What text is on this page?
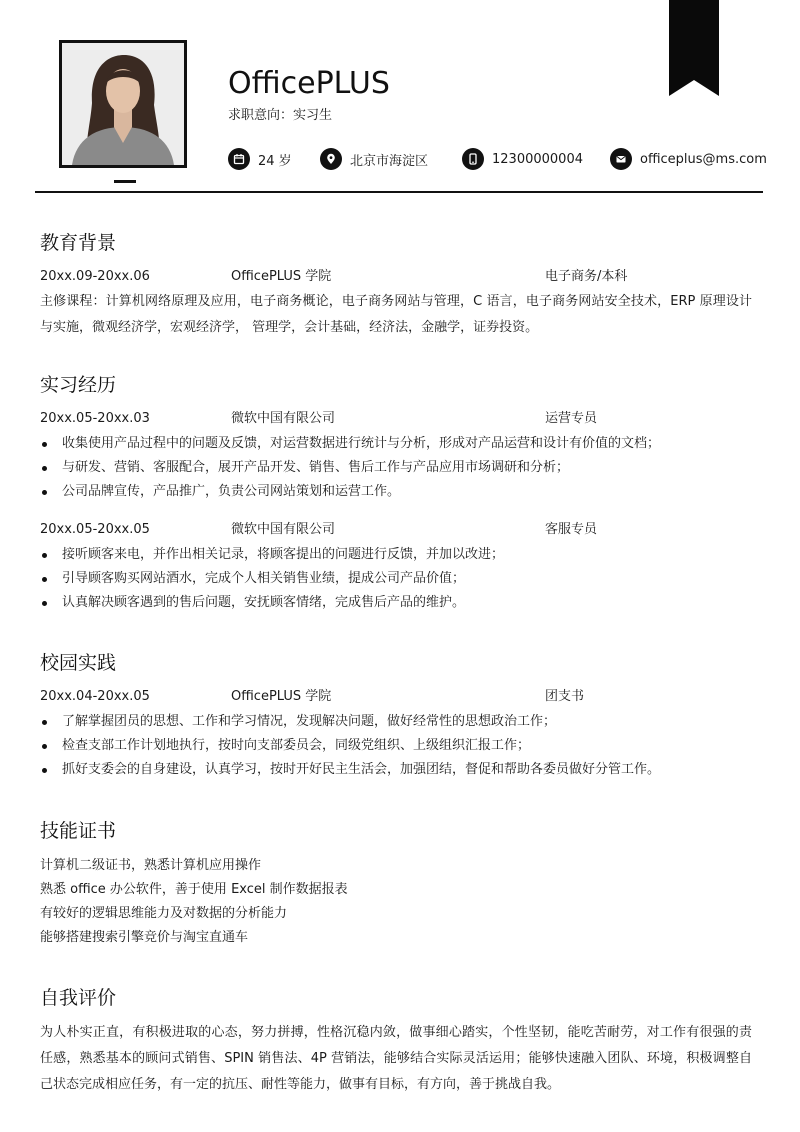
OfficePLUS
求职意向：实习生
24 岁	北京市海淀区	12300000004	officeplus@ms.com
教育背景
20xx.09-20xx.06	OfficePLUS 学院	电子商务/本科

主修课程：计算机网络原理及应用，电子商务概论，电子商务网站与管理，C 语言，电子商务网站安全技术，ERP 原理设计与实施，微观经济学，宏观经济学， 管理学，会计基础，经济法，金融学，证券投资。

实习经历
20xx.05-20xx.03	微软中国有限公司	运营专员
收集使用产品过程中的问题及反馈，对运营数据进行统计与分析，形成对产品运营和设计有价值的文档；
与研发、营销、客服配合，展开产品开发、销售、售后工作与产品应用市场调研和分析；
公司品牌宣传，产品推广，负责公司网站策划和运营工作。
20xx.05-20xx.05	微软中国有限公司	客服专员
接听顾客来电，并作出相关记录，将顾客提出的问题进行反馈，并加以改进；
引导顾客购买网站酒水，完成个人相关销售业绩，提成公司产品价值；
认真解决顾客遇到的售后问题，安抚顾客情绪，完成售后产品的维护。
校园实践
20xx.04-20xx.05	OfficePLUS 学院	团支书
了解掌握团员的思想、工作和学习情况，发现解决问题，做好经常性的思想政治工作；
检查支部工作计划地执行，按时向支部委员会，同级党组织、上级组织汇报工作；
抓好支委会的自身建设，认真学习，按时开好民主生活会，加强团结，督促和帮助各委员做好分管工作。
技能证书
计算机二级证书，熟悉计算机应用操作
熟悉 office 办公软件，善于使用 Excel 制作数据报表
有较好的逻辑思维能力及对数据的分析能力
能够搭建搜索引擎竞价与淘宝直通车
自我评价

为人朴实正直，有积极进取的心态，努力拼搏，性格沉稳内敛，做事细心踏实，个性坚韧，能吃苦耐劳，对工作有很强的责任感，熟悉基本的顾问式销售、SPIN 销售法、4P 营销法，能够结合实际灵活运用；能够快速融入团队、环境，积极调整自己状态完成相应任务，有一定的抗压、耐性等能力，做事有目标，有方向，善于挑战自我。
